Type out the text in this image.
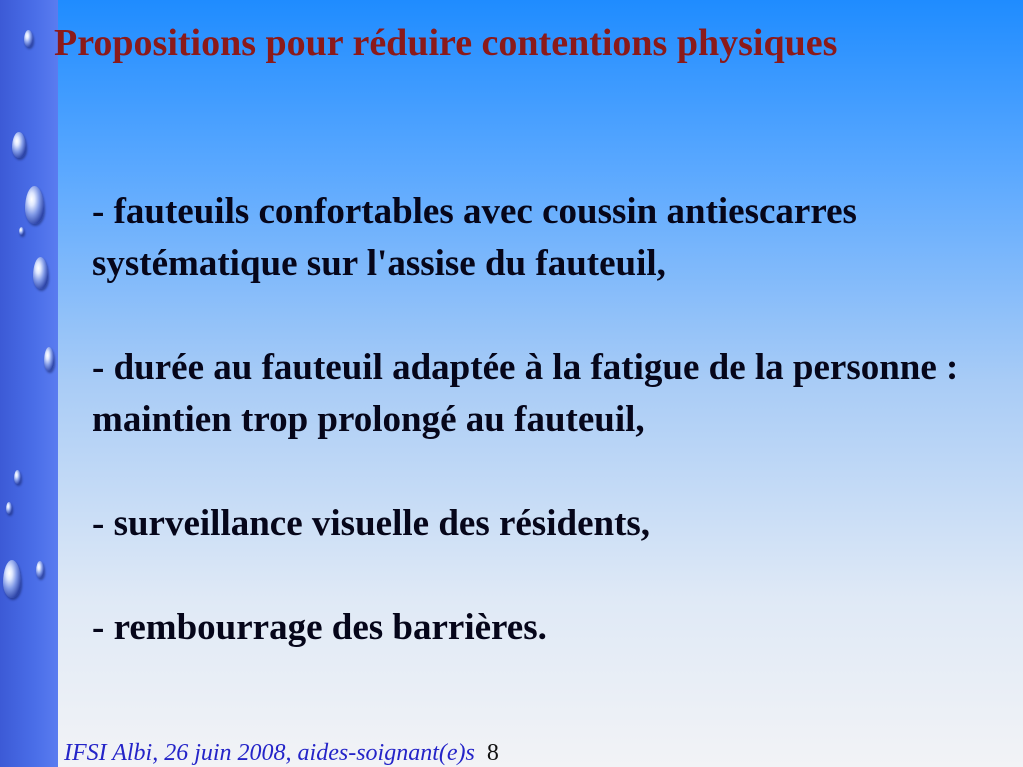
Propositions pour réduire contentions physiques

- fauteuils confortables avec coussin antiescarres systématique sur l'assise du fauteuil,

- durée au fauteuil adaptée à la fatigue de la personne : maintien trop prolongé au fauteuil,

- surveillance visuelle des résidents,

- rembourrage des barrières.

IFSI Albi, 26 juin 2008, aides-soignant(e)s 8
